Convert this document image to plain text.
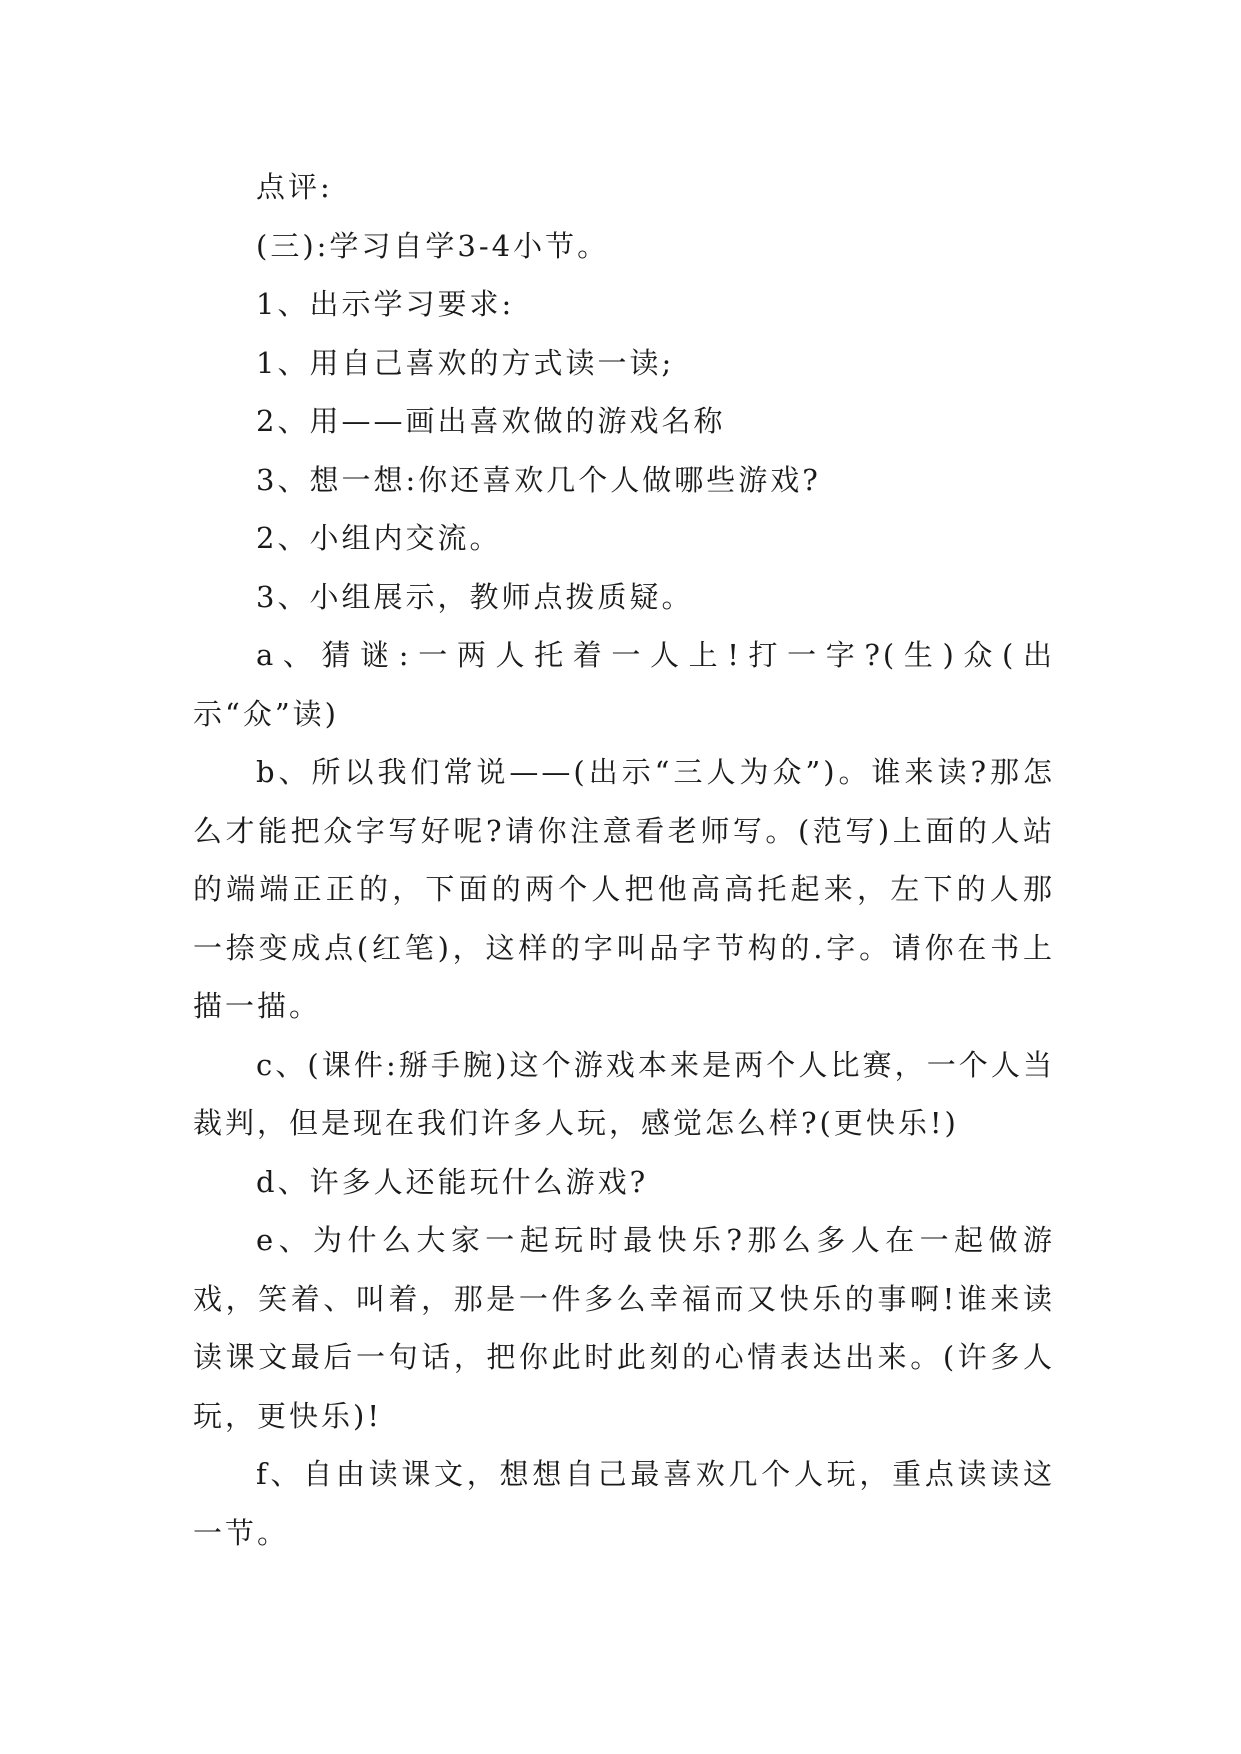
点评:

(三):学习自学3-4小节。

1、出示学习要求:

1、用自己喜欢的方式读一读;

2、用——画出喜欢做的游戏名称

3、想一想:你还喜欢几个人做哪些游戏?

2、小组内交流。

3、小组展示，教师点拨质疑。

a、猜谜:一两人托着一人上!打一字?(生)众(出示“众”读)

b、所以我们常说——(出示“三人为众”)。谁来读?那怎么才能把众字写好呢?请你注意看老师写。(范写)上面的人站的端端正正的，下面的两个人把他高高托起来，左下的人那一捺变成点(红笔)，这样的字叫品字节构的.字。请你在书上描一描。

c、(课件:掰手腕)这个游戏本来是两个人比赛，一个人当裁判，但是现在我们许多人玩，感觉怎么样?(更快乐!)

d、许多人还能玩什么游戏?

e、为什么大家一起玩时最快乐?那么多人在一起做游戏，笑着、叫着，那是一件多么幸福而又快乐的事啊!谁来读读课文最后一句话，把你此时此刻的心情表达出来。(许多人玩，更快乐)!

f、自由读课文，想想自己最喜欢几个人玩，重点读读这一节。
